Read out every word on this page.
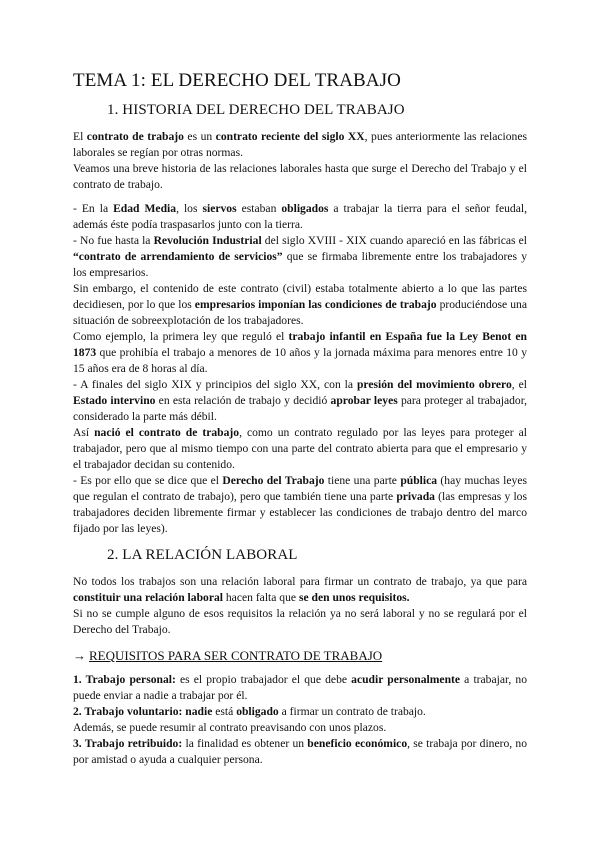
TEMA 1: EL DERECHO DEL TRABAJO
1. HISTORIA DEL DERECHO DEL TRABAJO

El contrato de trabajo es un contrato reciente del siglo XX, pues anteriormente las relaciones laborales se regían por otras normas.

Veamos una breve historia de las relaciones laborales hasta que surge el Derecho del Trabajo y el contrato de trabajo.

- En la Edad Media, los siervos estaban obligados a trabajar la tierra para el señor feudal, además éste podía traspasarlos junto con la tierra.

- No fue hasta la Revolución Industrial del siglo XVIII - XIX cuando apareció en las fábricas el “contrato de arrendamiento de servicios” que se firmaba libremente entre los trabajadores y los empresarios.

Sin embargo, el contenido de este contrato (civil) estaba totalmente abierto a lo que las partes decidiesen, por lo que los empresarios imponían las condiciones de trabajo produciéndose una situación de sobreexplotación de los trabajadores.

Como ejemplo, la primera ley que reguló el trabajo infantil en España fue la Ley Benot en 1873 que prohibía el trabajo a menores de 10 años y la jornada máxima para menores entre 10 y 15 años era de 8 horas al día.

- A finales del siglo XIX y principios del siglo XX, con la presión del movimiento obrero, el Estado intervino en esta relación de trabajo y decidió aprobar leyes para proteger al trabajador, considerado la parte más débil.

Así nació el contrato de trabajo, como un contrato regulado por las leyes para proteger al trabajador, pero que al mismo tiempo con una parte del contrato abierta para que el empresario y el trabajador decidan su contenido.

- Es por ello que se dice que el Derecho del Trabajo tiene una parte pública (hay muchas leyes que regulan el contrato de trabajo), pero que también tiene una parte privada (las empresas y los trabajadores deciden libremente firmar y establecer las condiciones de trabajo dentro del marco fijado por las leyes).

2. LA RELACIÓN LABORAL

No todos los trabajos son una relación laboral para firmar un contrato de trabajo, ya que para constituir una relación laboral hacen falta que se den unos requisitos.

Si no se cumple alguno de esos requisitos la relación ya no será laboral y no se regulará por el Derecho del Trabajo.

→ REQUISITOS PARA SER CONTRATO DE TRABAJO

1. Trabajo personal: es el propio trabajador el que debe acudir personalmente a trabajar, no puede enviar a nadie a trabajar por él.

2. Trabajo voluntario: nadie está obligado a firmar un contrato de trabajo.

Además, se puede resumir al contrato preavisando con unos plazos.

3. Trabajo retribuido: la finalidad es obtener un beneficio económico, se trabaja por dinero, no por amistad o ayuda a cualquier persona.
